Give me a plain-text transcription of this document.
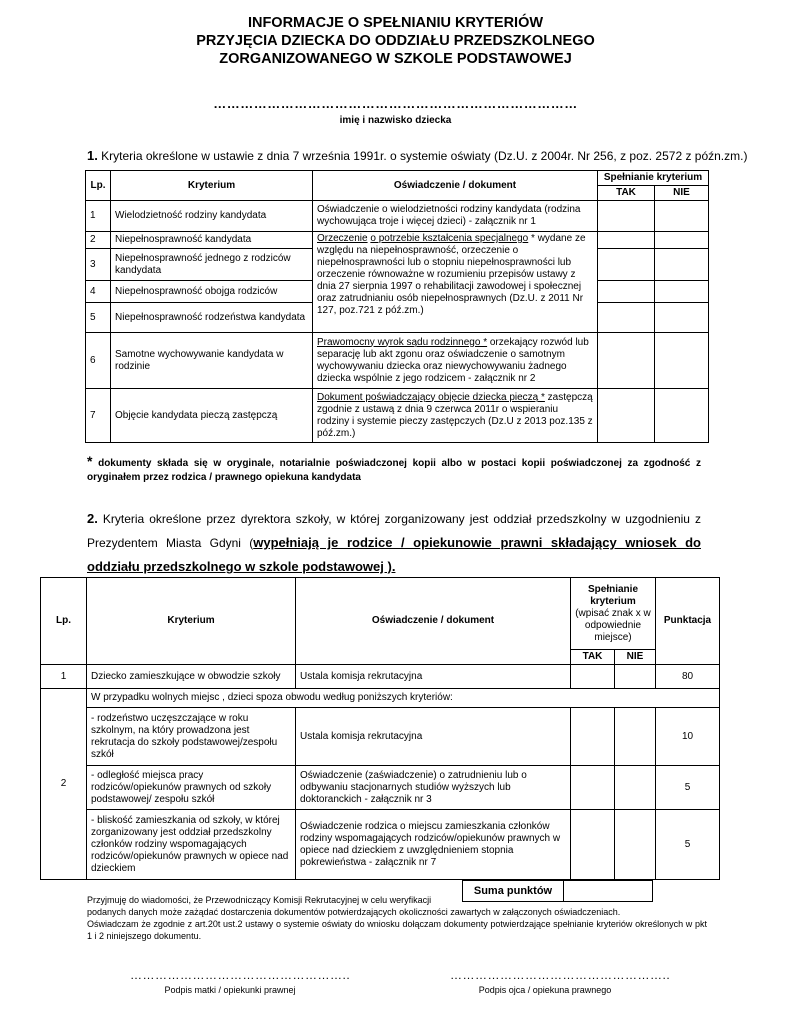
INFORMACJE O SPEŁNIANIU KRYTERIÓW
PRZYJĘCIA DZIECKA DO ODDZIAŁU PRZEDSZKOLNEGO
ZORGANIZOWANEGO W SZKOLE PODSTAWOWEJ
………………………………………………………………………
imię i nazwisko dziecka
1. Kryteria określone w ustawie z dnia 7 września 1991r. o systemie oświaty (Dz.U. z 2004r. Nr 256, z poz. 2572 z późn.zm.)
Lp.	Kryterium	Oświadczenie / dokument	Spełnianie kryterium	
			TAK	NIE
1	Wielodzietność rodziny kandydata	Oświadczenie o wielodzietności rodziny kandydata (rodzina wychowująca troje i więcej dzieci) - załącznik nr 1		
2	Niepełnosprawność kandydata	Orzeczenie o potrzebie kształcenia specjalnego * wydane ze względu na niepełnosprawność, orzeczenie o niepełnosprawności lub o stopniu niepełnosprawności lub orzeczenie równoważne w rozumieniu przepisów ustawy z dnia 27 sierpnia 1997 o rehabilitacji zawodowej i społecznej oraz zatrudnianiu osób niepełnosprawnych (Dz.U. z 2011 Nr 127, poz.721 z póź.zm.)		
3	Niepełnosprawność jednego z rodziców kandydata			
4	Niepełnosprawność obojga rodziców			
5	Niepełnosprawność rodzeństwa kandydata			
6	Samotne wychowywanie kandydata w rodzinie	Prawomocny wyrok sądu rodzinnego * orzekający rozwód lub separację lub akt zgonu oraz oświadczenie o samotnym wychowywaniu dziecka oraz niewychowywaniu żadnego dziecka wspólnie z jego rodzicem - załącznik nr 2		
7	Objęcie kandydata pieczą zastępczą	Dokument poświadczający objęcie dziecka pieczą * zastępczą zgodnie z ustawą z dnia 9 czerwca 2011r o wspieraniu rodziny i systemie pieczy zastępczych (Dz.U z 2013 poz.135 z póź.zm.)		
* dokumenty składa się w oryginale, notarialnie poświadczonej kopii albo w postaci kopii poświadczonej za zgodność z oryginałem przez rodzica / prawnego opiekuna kandydata
2. Kryteria określone przez dyrektora szkoły, w której zorganizowany jest oddział przedszkolny w uzgodnieniu z Prezydentem Miasta Gdyni (wypełniają je rodzice / opiekunowie prawni składający wniosek do oddziału przedszkolnego w szkole podstawowej ).
Lp.	Kryterium	Oświadczenie / dokument	Spełnianie kryterium
(wpisać znak x w odpowiednie miejsce)		Punktacja
			TAK	NIE	
1	Dziecko zamieszkujące w obwodzie szkoły	Ustala komisja rekrutacyjna			80
2	W przypadku wolnych miejsc , dzieci spoza obwodu według poniższych kryteriów:				
	- rodzeństwo uczęszczające w roku szkolnym, na który prowadzona jest rekrutacja do szkoły podstawowej/zespołu szkół	Ustala komisja rekrutacyjna			10
	- odległość miejsca pracy rodziców/opiekunów prawnych od szkoły podstawowej/ zespołu szkół	Oświadczenie (zaświadczenie) o zatrudnieniu lub o odbywaniu stacjonarnych studiów wyższych lub doktoranckich - załącznik nr 3			5
	- bliskość zamieszkania od szkoły, w której zorganizowany jest oddział przedszkolny członków rodziny wspomagających rodziców/opiekunów prawnych w opiece nad dzieckiem	Oświadczenie rodzica o miejscu zamieszkania członków rodziny wspomagających rodziców/opiekunów prawnych w opiece nad dzieckiem z uwzględnieniem stopnia pokrewieństwa - załącznik nr 7			5
Suma punktów
Przyjmuję do wiadomości, że Przewodniczący Komisji Rekrutacyjnej w celu weryfikacji
podanych danych może zażądać dostarczenia dokumentów potwierdzających okoliczności zawartych w załączonych oświadczeniach.
Oświadczam że zgodnie z art.20t ust.2 ustawy o systemie oświaty do wniosku dołączam dokumenty potwierdzające spełnianie kryteriów określonych w pkt 1 i 2 niniejszego dokumentu.
……………………………………………..	……………………………………………..
Podpis matki / opiekunki prawnej	Podpis ojca / opiekuna prawnego
